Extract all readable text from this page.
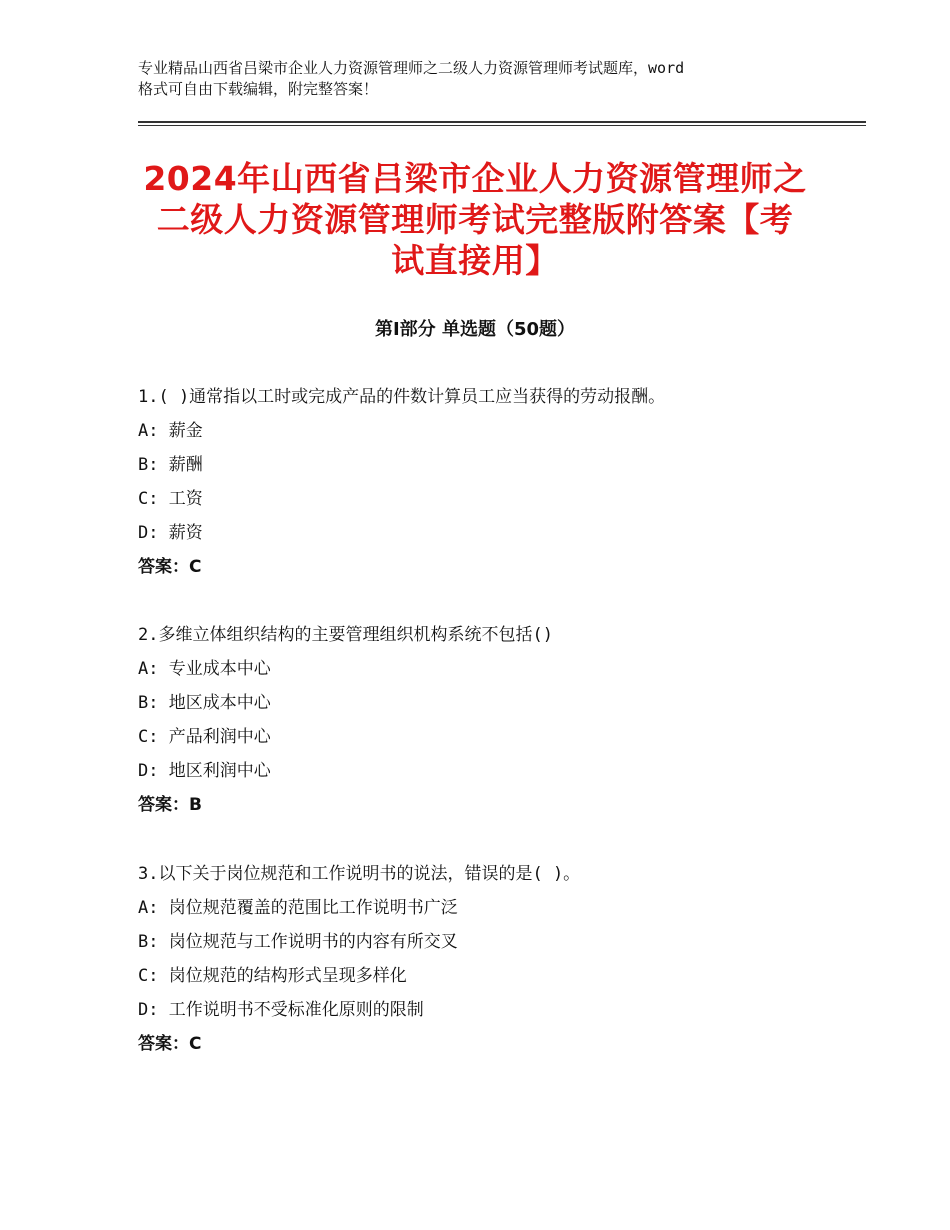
专业精品山西省吕梁市企业人力资源管理师之二级人力资源管理师考试题库，word
格式可自由下载编辑，附完整答案！
2024年山西省吕梁市企业人力资源管理师之
二级人力资源管理师考试完整版附答案【考
试直接用】
第Ⅰ部分 单选题（50题）
1.( )通常指以工时或完成产品的件数计算员工应当获得的劳动报酬。
A: 薪金
B: 薪酬
C: 工资
D: 薪资
答案：C
2.多维立体组织结构的主要管理组织机构系统不包括()
A: 专业成本中心
B: 地区成本中心
C: 产品利润中心
D: 地区利润中心
答案：B
3.以下关于岗位规范和工作说明书的说法，错误的是( )。
A: 岗位规范覆盖的范围比工作说明书广泛
B: 岗位规范与工作说明书的内容有所交叉
C: 岗位规范的结构形式呈现多样化
D: 工作说明书不受标准化原则的限制
答案：C
